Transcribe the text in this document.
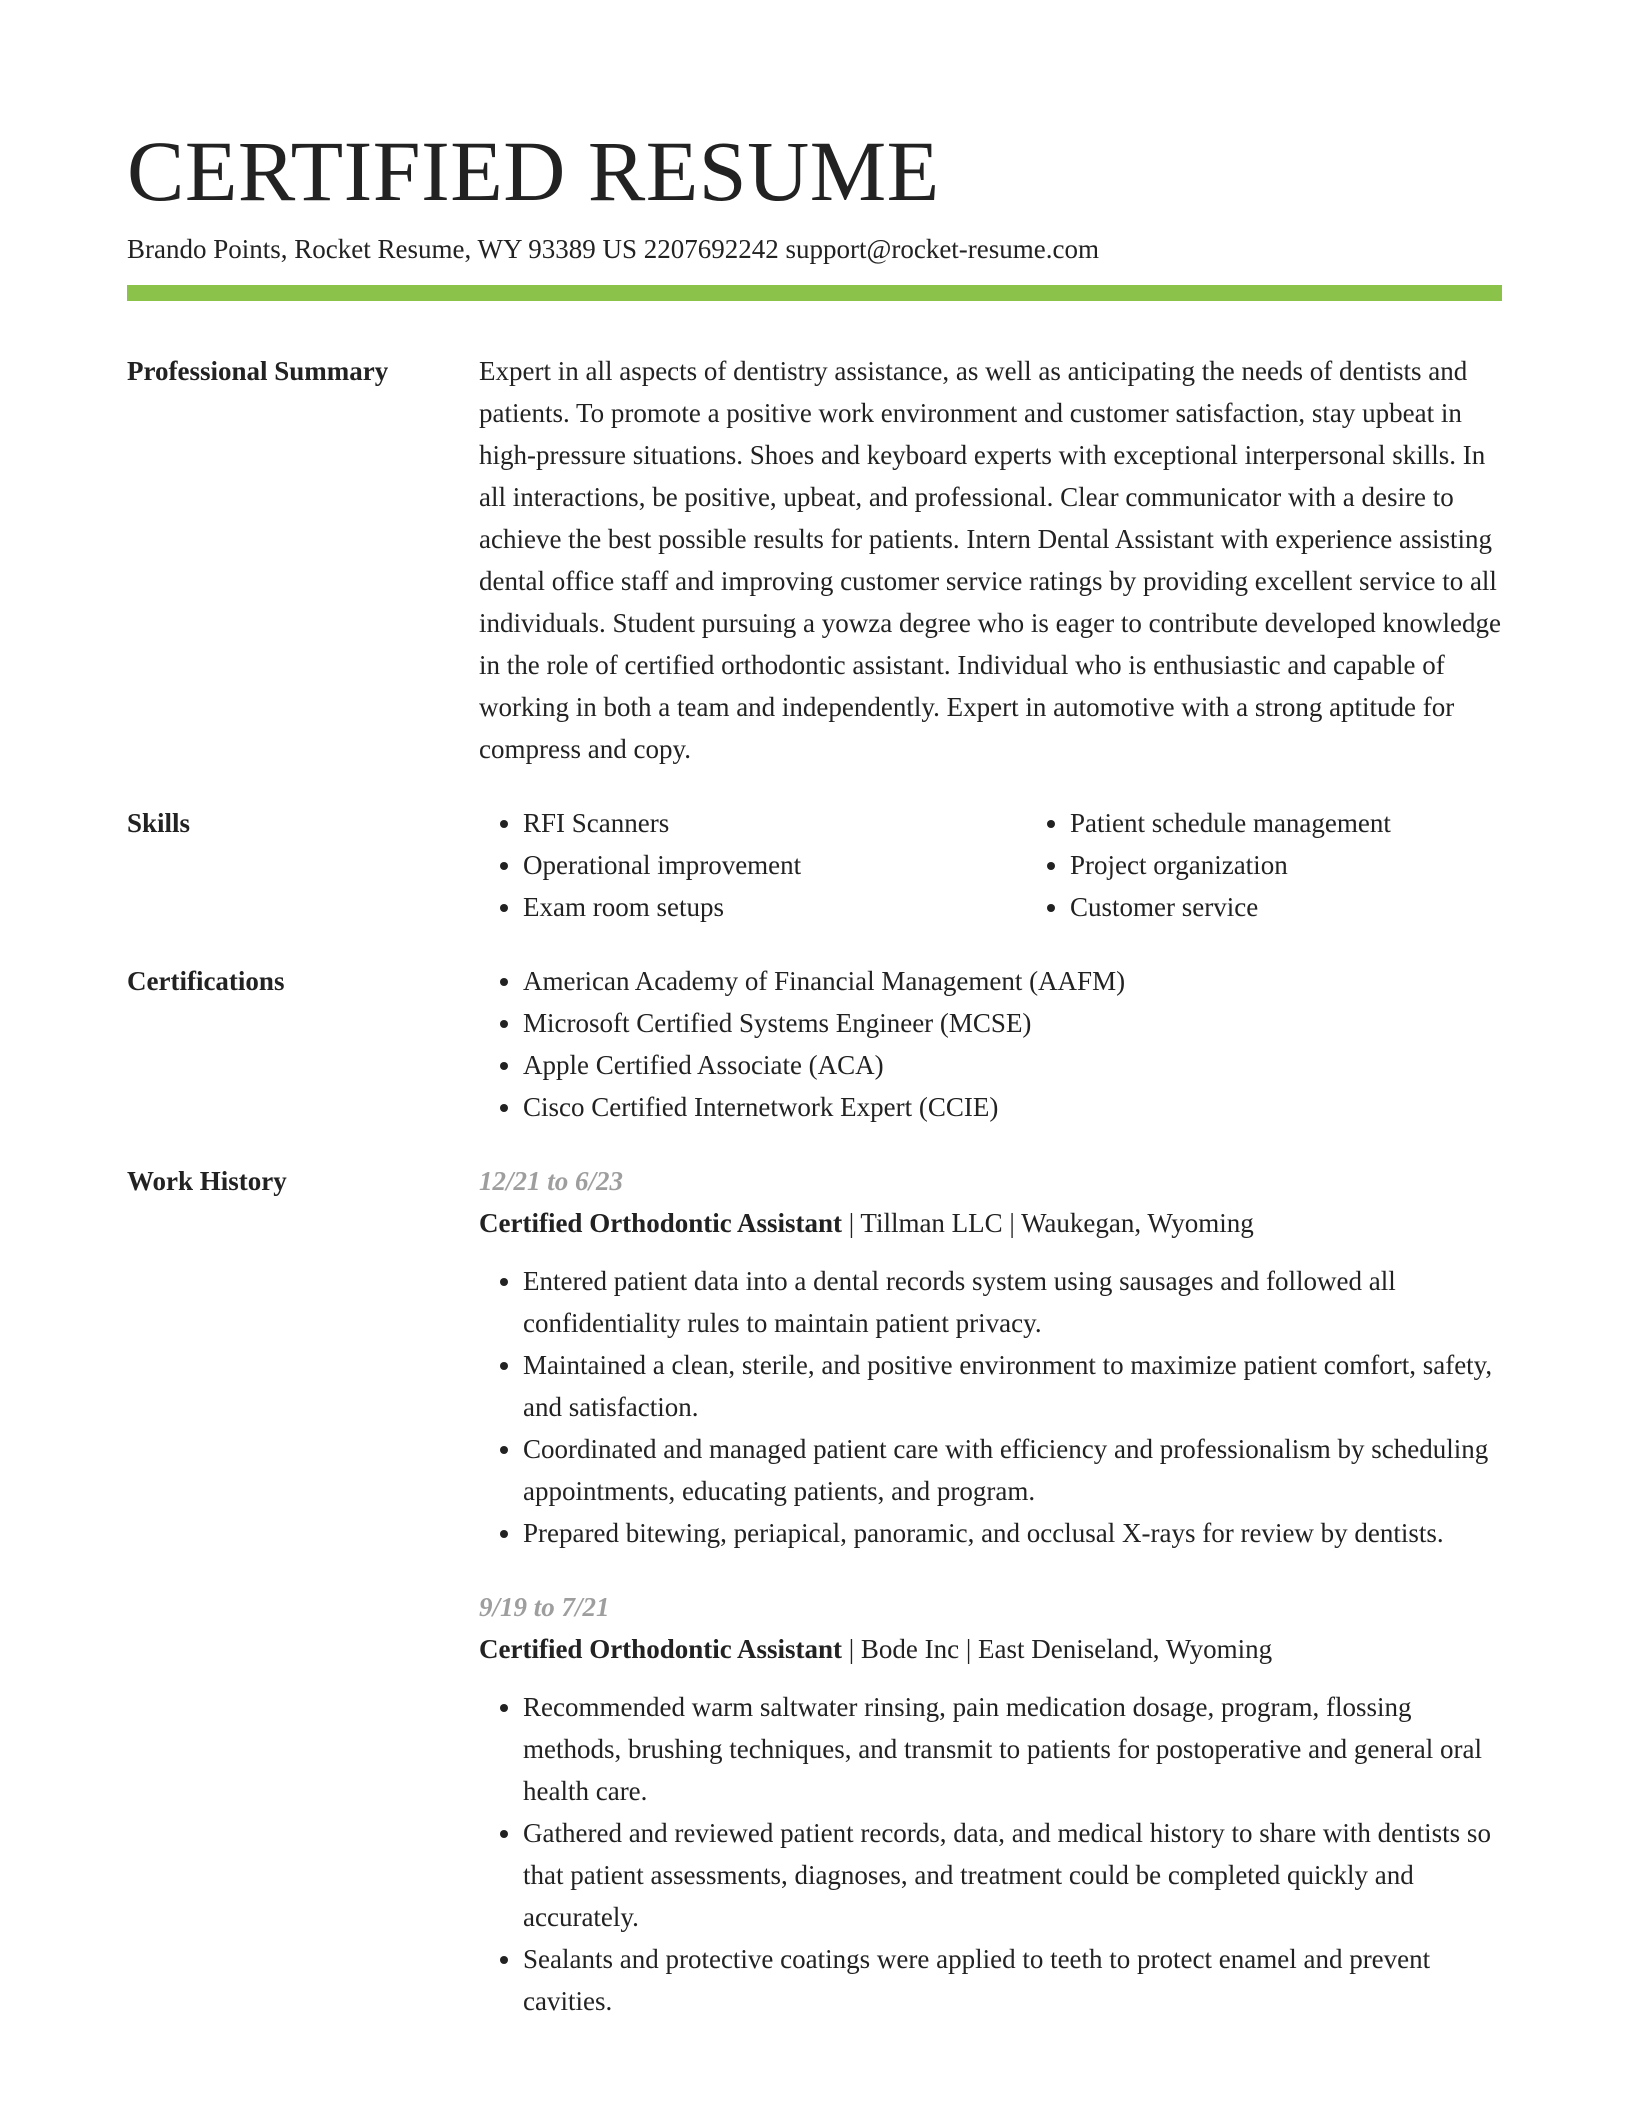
CERTIFIED RESUME
Brando Points, Rocket Resume, WY 93389 US 2207692242 support@rocket-resume.com
Professional Summary	Expert in all aspects of dentistry assistance, as well as anticipating the needs of dentists and patients. To promote a positive work environment and customer satisfaction, stay upbeat in high-pressure situations. Shoes and keyboard experts with exceptional interpersonal skills. In all interactions, be positive, upbeat, and professional. Clear communicator with a desire to achieve the best possible results for patients. Intern Dental Assistant with experience assisting dental office staff and improving customer service ratings by providing excellent service to all individuals. Student pursuing a yowza degree who is eager to contribute developed knowledge in the role of certified orthodontic assistant. Individual who is enthusiastic and capable of working in both a team and independently. Expert in automotive with a strong aptitude for compress and copy.

Skills	• RFI Scanners
• Operational improvement
• Exam room setups
• Patient schedule management
• Project organization
• Customer service
Certifications	• American Academy of Financial Management (AAFM)
• Microsoft Certified Systems Engineer (MCSE)
• Apple Certified Associate (ACA)
• Cisco Certified Internetwork Expert (CCIE)
Work History	12/21 to 6/23

Certified Orthodontic Assistant | Tillman LLC | Waukegan, Wyoming

• Entered patient data into a dental records system using sausages and followed all confidentiality rules to maintain patient privacy.
• Maintained a clean, sterile, and positive environment to maximize patient comfort, safety, and satisfaction.
• Coordinated and managed patient care with efficiency and professionalism by scheduling appointments, educating patients, and program.
• Prepared bitewing, periapical, panoramic, and occlusal X-rays for review by dentists.
9/19 to 7/21

Certified Orthodontic Assistant | Bode Inc | East Deniseland, Wyoming

• Recommended warm saltwater rinsing, pain medication dosage, program, flossing methods, brushing techniques, and transmit to patients for postoperative and general oral health care.
• Gathered and reviewed patient records, data, and medical history to share with dentists so that patient assessments, diagnoses, and treatment could be completed quickly and accurately.
• Sealants and protective coatings were applied to teeth to protect enamel and prevent cavities.
